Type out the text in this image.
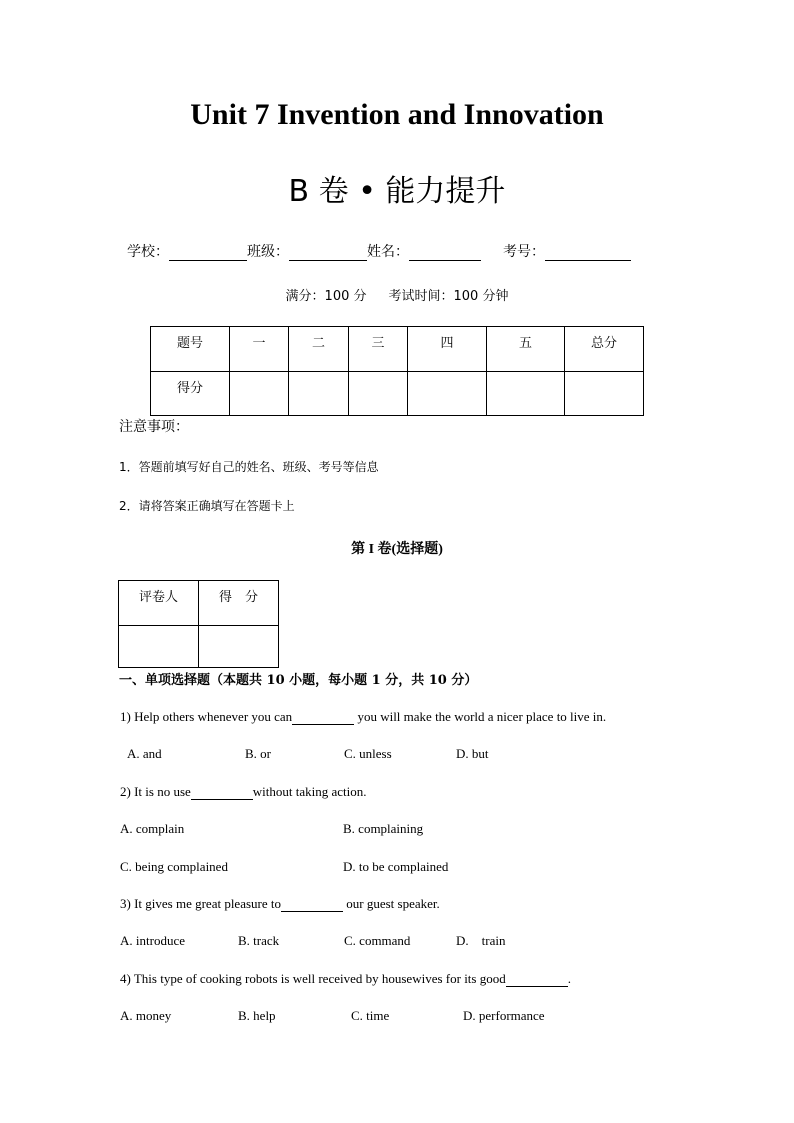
Unit 7 Invention and Innovation
B 卷 • 能力提升
学校：	班级：	姓名：	考号：
满分：100 分 考试时间：100 分钟
题号	一	二	三	四	五	总分
得分						
注意事项：
1．答题前填写好自己的姓名、班级、考号等信息
2．请将答案正确填写在答题卡上
第 I 卷(选择题)
评卷人	得　分

一、单项选择题（本题共 10 小题，每小题 1 分，共 10 分）
1) Help others whenever you can	you will make the world a nicer place to live in.
A. and	B. or	C. unless	D. but
2) It is no use	without taking action.
A. complain	B. complaining
C. being complained	D. to be complained
3) It gives me great pleasure to	our guest speaker.
A. introduce	B. track	C. command	D.    train
4) This type of cooking robots is well received by housewives for its good	.
A. money	B. help	C. time	D. performance
